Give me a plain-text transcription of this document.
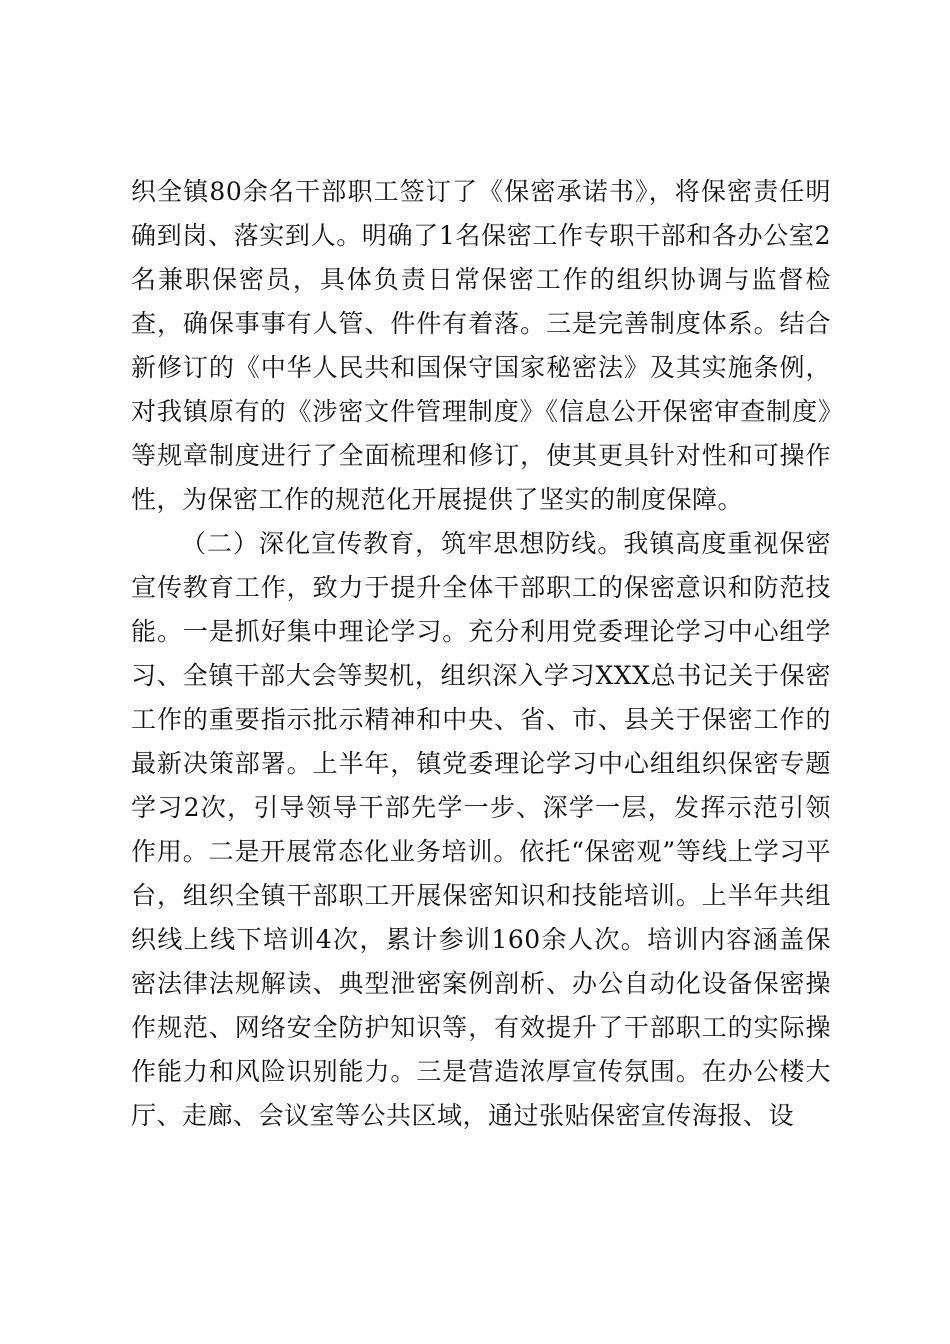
织全镇80余名干部职工签订了《保密承诺书》，将保密责任明确到岗、落实到人。明确了1名保密工作专职干部和各办公室2名兼职保密员，具体负责日常保密工作的组织协调与监督检查，确保事事有人管、件件有着落。三是完善制度体系。结合新修订的《中华人民共和国保守国家秘密法》及其实施条例，对我镇原有的《涉密文件管理制度》《信息公开保密审查制度》等规章制度进行了全面梳理和修订，使其更具针对性和可操作性，为保密工作的规范化开展提供了坚实的制度保障。

（二）深化宣传教育，筑牢思想防线。我镇高度重视保密宣传教育工作，致力于提升全体干部职工的保密意识和防范技能。一是抓好集中理论学习。充分利用党委理论学习中心组学习、全镇干部大会等契机，组织深入学习XXX总书记关于保密工作的重要指示批示精神和中央、省、市、县关于保密工作的最新决策部署。上半年，镇党委理论学习中心组组织保密专题学习2次，引导领导干部先学一步、深学一层，发挥示范引领作用。二是开展常态化业务培训。依托“保密观”等线上学习平台，组织全镇干部职工开展保密知识和技能培训。上半年共组织线上线下培训4次，累计参训160余人次。培训内容涵盖保密法律法规解读、典型泄密案例剖析、办公自动化设备保密操作规范、网络安全防护知识等，有效提升了干部职工的实际操作能力和风险识别能力。三是营造浓厚宣传氛围。在办公楼大厅、走廊、会议室等公共区域，通过张贴保密宣传海报、设
